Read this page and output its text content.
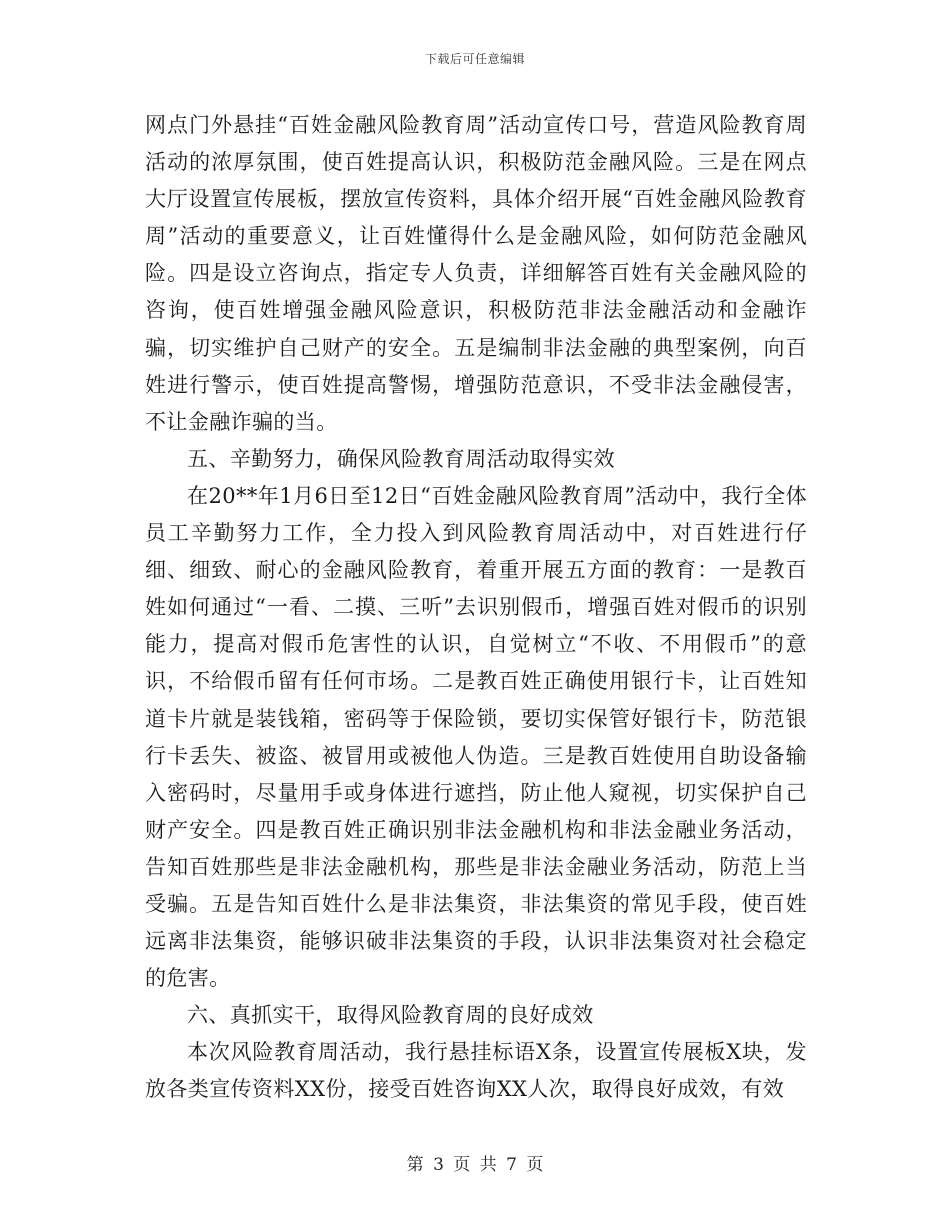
下载后可任意编辑

网点门外悬挂“百姓金融风险教育周”活动宣传口号，营造风险教育周活动的浓厚氛围，使百姓提高认识，积极防范金融风险。三是在网点大厅设置宣传展板，摆放宣传资料，具体介绍开展“百姓金融风险教育周”活动的重要意义，让百姓懂得什么是金融风险，如何防范金融风险。四是设立咨询点，指定专人负责，详细解答百姓有关金融风险的咨询，使百姓增强金融风险意识，积极防范非法金融活动和金融诈骗，切实维护自己财产的安全。五是编制非法金融的典型案例，向百姓进行警示，使百姓提高警惕，增强防范意识，不受非法金融侵害，不让金融诈骗的当。

五、辛勤努力，确保风险教育周活动取得实效

在20**年1月6日至12日“百姓金融风险教育周”活动中，我行全体员工辛勤努力工作，全力投入到风险教育周活动中，对百姓进行仔细、细致、耐心的金融风险教育，着重开展五方面的教育：一是教百姓如何通过“一看、二摸、三听”去识别假币，增强百姓对假币的识别能力，提高对假币危害性的认识，自觉树立“不收、不用假币”的意识，不给假币留有任何市场。二是教百姓正确使用银行卡，让百姓知道卡片就是装钱箱，密码等于保险锁，要切实保管好银行卡，防范银行卡丢失、被盗、被冒用或被他人伪造。三是教百姓使用自助设备输入密码时，尽量用手或身体进行遮挡，防止他人窥视，切实保护自己财产安全。四是教百姓正确识别非法金融机构和非法金融业务活动，告知百姓那些是非法金融机构，那些是非法金融业务活动，防范上当受骗。五是告知百姓什么是非法集资，非法集资的常见手段，使百姓远离非法集资，能够识破非法集资的手段，认识非法集资对社会稳定的危害。

六、真抓实干，取得风险教育周的良好成效

本次风险教育周活动，我行悬挂标语X条，设置宣传展板X块，发放各类宣传资料XX份，接受百姓咨询XX人次，取得良好成效，有效

第 3 页 共 7 页
